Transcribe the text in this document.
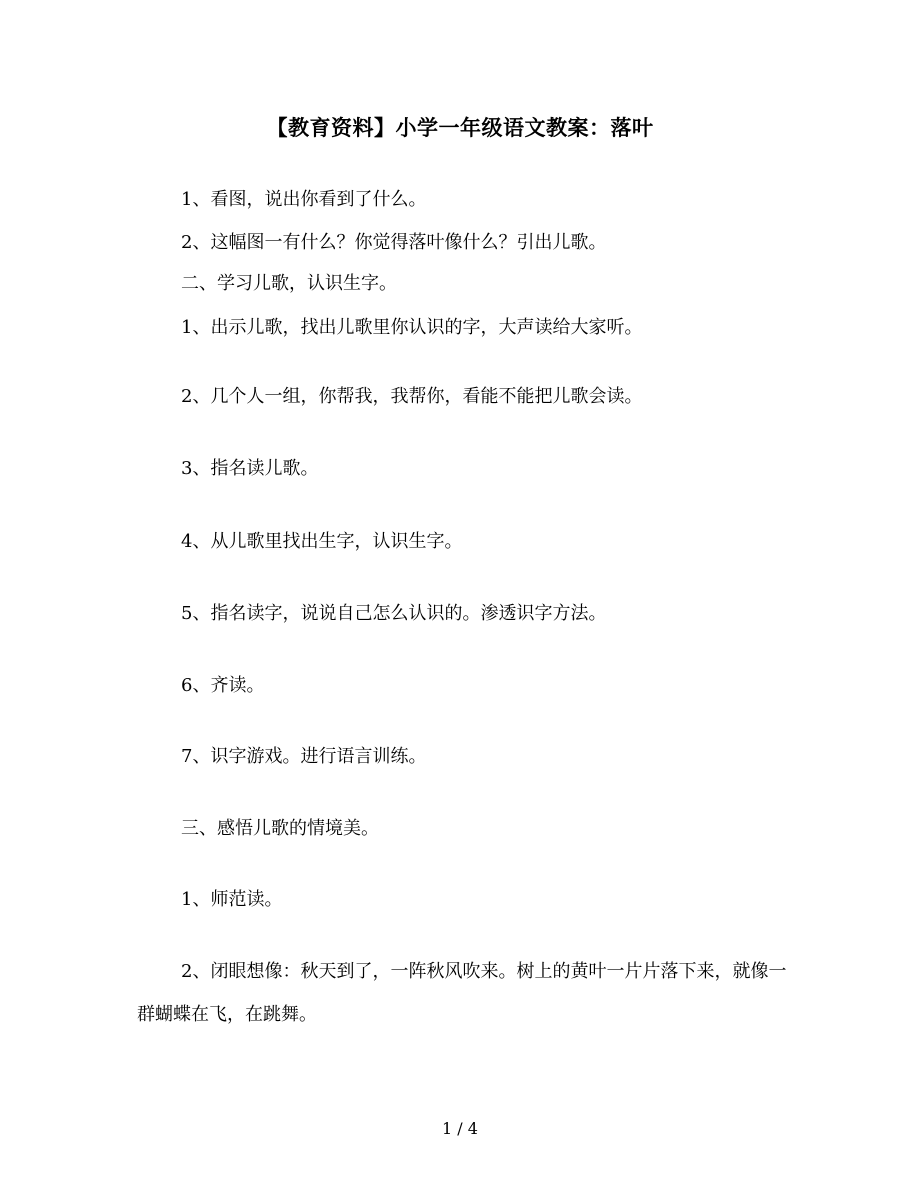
【教育资料】小学一年级语文教案：落叶
1、看图，说出你看到了什么。
2、这幅图一有什么？你觉得落叶像什么？引出儿歌。
二、学习儿歌，认识生字。
1、出示儿歌，找出儿歌里你认识的字，大声读给大家听。
2、几个人一组，你帮我，我帮你，看能不能把儿歌会读。
3、指名读儿歌。
4、从儿歌里找出生字，认识生字。
5、指名读字，说说自己怎么认识的。渗透识字方法。
6、齐读。
7、识字游戏。进行语言训练。
三、感悟儿歌的情境美。
1、师范读。
2、闭眼想像：秋天到了，一阵秋风吹来。树上的黄叶一片片落下来，就像一群蝴蝶在飞，在跳舞。
1 / 4
